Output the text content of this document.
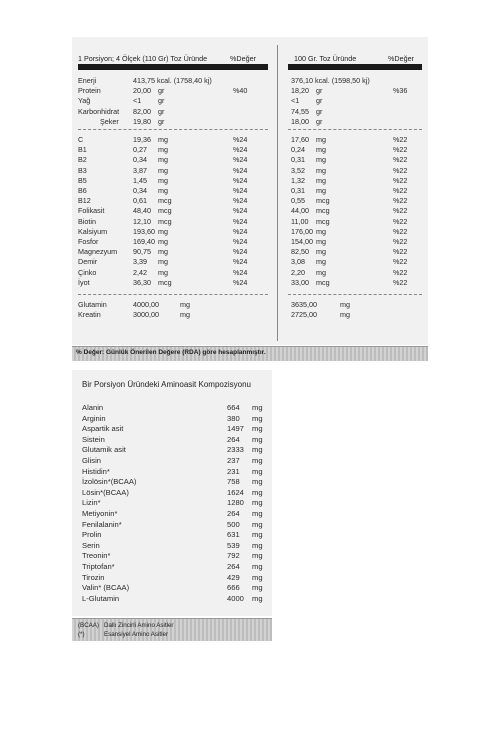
1 Porsiyon; 4 Ölçek (110 Gr) Toz Üründe	%Değer	100 Gr. Toz Üründe	%Değer
Enerji	413,75 kcal. (1758,40 kj)	376,10 kcal. (1598,50 kj)
Protein	20,00 gr	%40	18,20 gr	%36
Yağ	<1 gr	<1 gr
Karbonhidrat 82,00 gr	74,55 gr
Şeker 19,80 gr	18,00 gr
C	19,36 mg	%24	17,60 mg	%22
B1	0,27 mg	%24	0,24 mg	%22
B2	0,34 mg	%24	0,31 mg	%22
B3	3,87 mg	%24	3,52 mg	%22
B5	1,45 mg	%24	1,32 mg	%22
B6	0,34 mg	%24	0,31 mg	%22
B12	0,61 mcg	%24	0,55 mcg	%22
Folikasit	48,40 mcg	%24	44,00 mcg	%22
Biotin	12,10 mcg	%24	11,00 mcg	%22
Kalsiyum	193,60 mg	%24	176,00 mg	%22
Fosfor	169,40 mg	%24	154,00 mg	%22
Magnezyum 90,75 mg	%24	82,50 mg	%22
Demir	3,39 mg	%24	3,08 mg	%22
Çinko	2,42 mg	%24	2,20 mg	%22
İyot	36,30 mcg	%24	33,00 mcg	%22
Glutamin	4000,00	mg	3635,00	mg
Kreatin	3000,00	mg	2725,00	mg
% Değer: Günlük Önerilen Değere (RDA) göre hesaplanmıştır.
Bir Porsiyon Üründeki Aminoasit Kompozisyonu
Alanin	664 mg
Arginin	380 mg
Aspartik asit	1497 mg
Sistein	264 mg
Glutamik asit	2333 mg
Glisin	237 mg
Histidin*	231 mg
İzolösin*(BCAA)	758 mg
Lösin*(BCAA)	1624 mg
Lizin*	1280 mg
Metiyonin*	264 mg
Fenilalanin*	500 mg
Prolin	631 mg
Serin	539 mg
Treonin*	792 mg
Triptofan*	264 mg
Tirozin	429 mg
Valin* (BCAA)	666 mg
L-Glutamin	4000 mg
(BCAA) Dallı Zincirli Amino Asitler
(*)	Esansiyel Amino Asitler
